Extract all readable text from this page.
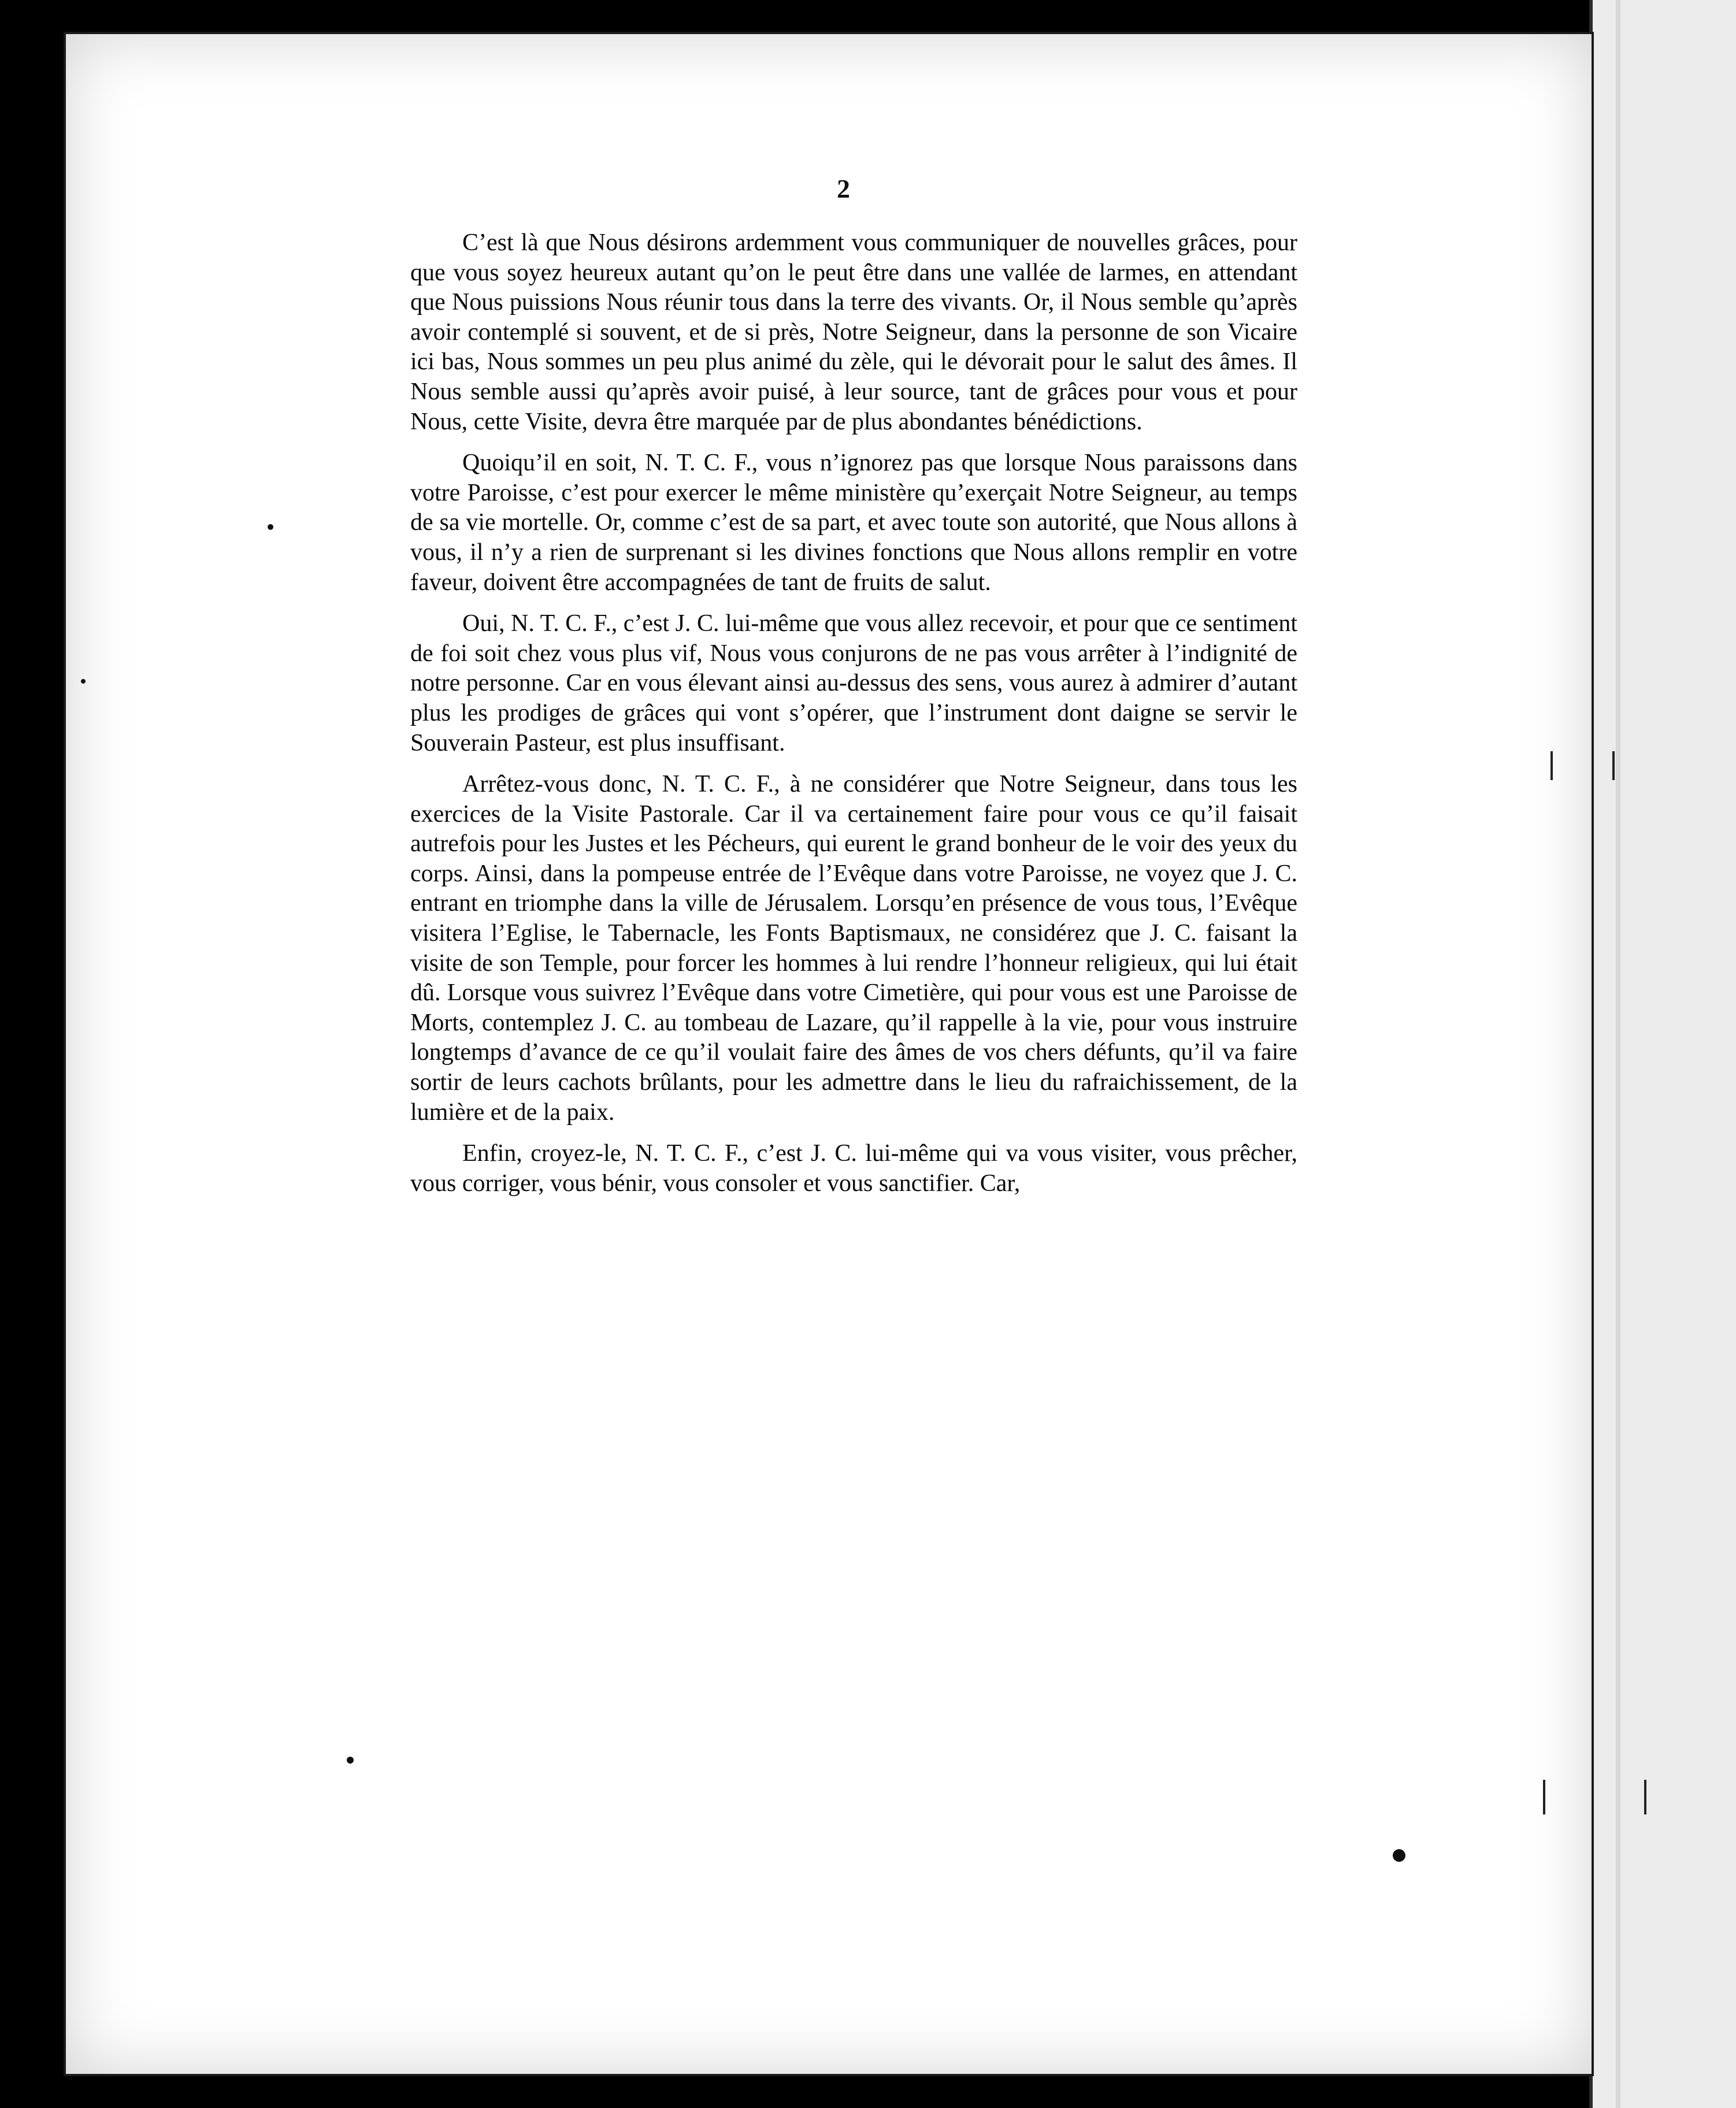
2

C’est là que Nous désirons ardemment vous communiquer de nouvelles grâces, pour que vous soyez heureux autant qu’on le peut être dans une vallée de larmes, en attendant que Nous puissions Nous réunir tous dans la terre des vivants. Or, il Nous semble qu’après avoir contemplé si souvent, et de si près, Notre Seigneur, dans la personne de son Vicaire ici bas, Nous sommes un peu plus animé du zèle, qui le dévorait pour le salut des âmes. Il Nous semble aussi qu’après avoir puisé, à leur source, tant de grâces pour vous et pour Nous, cette Visite, devra être marquée par de plus abondantes bénédictions.

Quoiqu’il en soit, N. T. C. F., vous n’ignorez pas que lorsque Nous paraissons dans votre Paroisse, c’est pour exercer le même ministère qu’exerçait Notre Seigneur, au temps de sa vie mortelle. Or, comme c’est de sa part, et avec toute son autorité, que Nous allons à vous, il n’y a rien de surprenant si les divines fonctions que Nous allons remplir en votre faveur, doivent être accompagnées de tant de fruits de salut.

Oui, N. T. C. F., c’est J. C. lui-même que vous allez recevoir, et pour que ce sentiment de foi soit chez vous plus vif, Nous vous conjurons de ne pas vous arrêter à l’indignité de notre personne. Car en vous élevant ainsi au-dessus des sens, vous aurez à admirer d’autant plus les prodiges de grâces qui vont s’opérer, que l’instrument dont daigne se servir le Souverain Pasteur, est plus insuffisant.

Arrêtez-vous donc, N. T. C. F., à ne considérer que Notre Seigneur, dans tous les exercices de la Visite Pastorale. Car il va certainement faire pour vous ce qu’il faisait autrefois pour les Justes et les Pécheurs, qui eurent le grand bonheur de le voir des yeux du corps. Ainsi, dans la pompeuse entrée de l’Evêque dans votre Paroisse, ne voyez que J. C. entrant en triomphe dans la ville de Jérusalem. Lorsqu’en présence de vous tous, l’Evêque visitera l’Eglise, le Tabernacle, les Fonts Baptismaux, ne considérez que J. C. faisant la visite de son Temple, pour forcer les hommes à lui rendre l’honneur religieux, qui lui était dû. Lorsque vous suivrez l’Evêque dans votre Cimetière, qui pour vous est une Paroisse de Morts, contemplez J. C. au tombeau de Lazare, qu’il rappelle à la vie, pour vous instruire longtemps d’avance de ce qu’il voulait faire des âmes de vos chers défunts, qu’il va faire sortir de leurs cachots brûlants, pour les admettre dans le lieu du rafraichissement, de la lumière et de la paix.

Enfin, croyez-le, N. T. C. F., c’est J. C. lui-même qui va vous visiter, vous prêcher, vous corriger, vous bénir, vous consoler et vous sanctifier. Car,
